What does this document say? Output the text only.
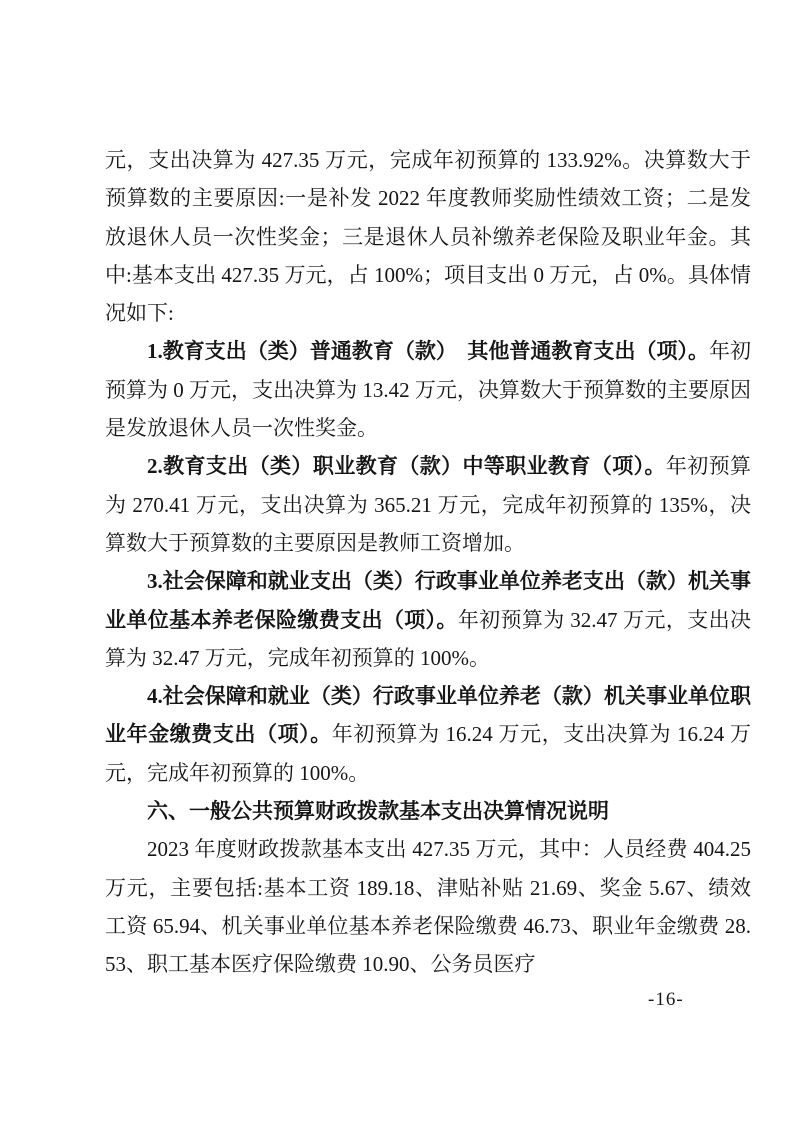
元，支出决算为 427.35 万元，完成年初预算的 133.92%。决算数大于预算数的主要原因:一是补发 2022 年度教师奖励性绩效工资；二是发放退休人员一次性奖金；三是退休人员补缴养老保险及职业年金。其中:基本支出 427.35 万元，占 100%；项目支出 0 万元，占 0%。具体情况如下:

1.教育支出（类）普通教育（款）　其他普通教育支出（项）。年初预算为 0 万元，支出决算为 13.42 万元，决算数大于预算数的主要原因是发放退休人员一次性奖金。

2.教育支出（类）职业教育（款）中等职业教育（项）。年初预算为 270.41 万元，支出决算为 365.21 万元，完成年初预算的 135%，决算数大于预算数的主要原因是教师工资增加。

3.社会保障和就业支出（类）行政事业单位养老支出（款）机关事业单位基本养老保险缴费支出（项）。年初预算为 32.47 万元，支出决算为 32.47 万元，完成年初预算的 100%。

4.社会保障和就业（类）行政事业单位养老（款）机关事业单位职业年金缴费支出（项）。年初预算为 16.24 万元，支出决算为 16.24 万元，完成年初预算的 100%。

六、一般公共预算财政拨款基本支出决算情况说明

2023 年度财政拨款基本支出 427.35 万元，其中：人员经费 404.25 万元，主要包括:基本工资 189.18、津贴补贴 21.69、奖金 5.67、绩效工资 65.94、机关事业单位基本养老保险缴费 46.73、职业年金缴费 28.53、职工基本医疗保险缴费 10.90、公务员医疗

-16-
